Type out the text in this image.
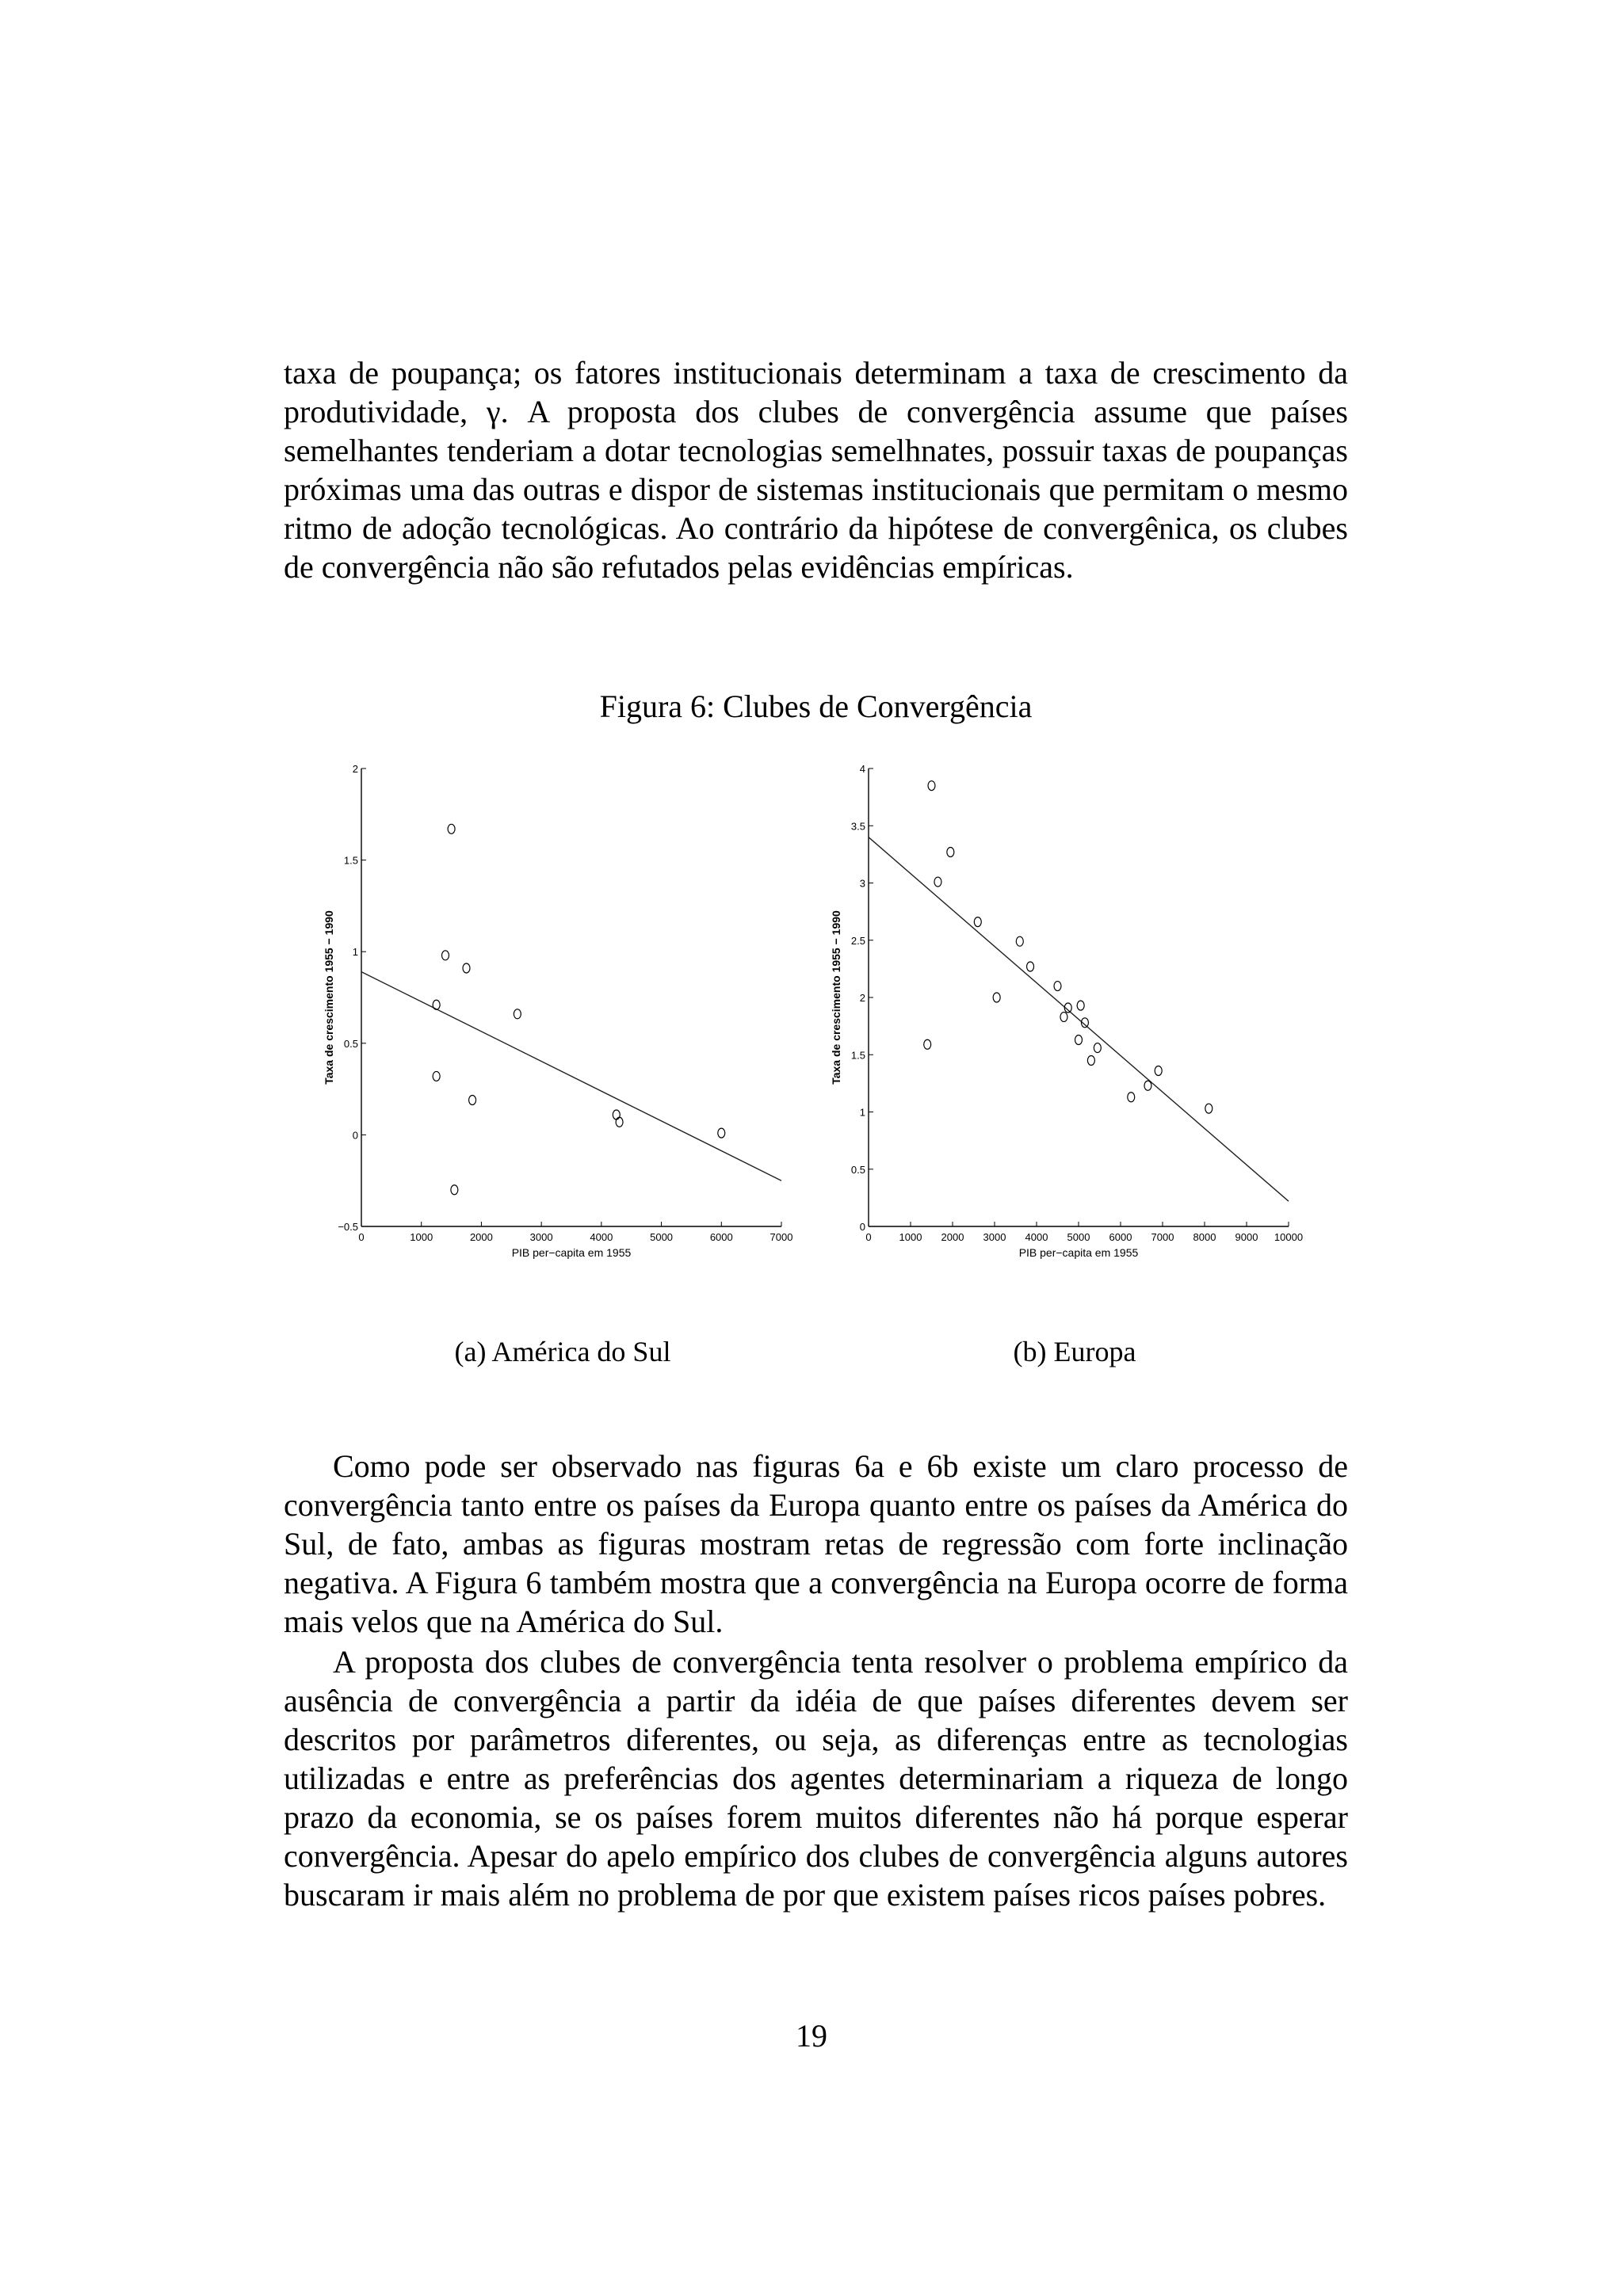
taxa de poupança; os fatores institucionais determinam a taxa de crescimento da produtividade, γ. A proposta dos clubes de convergência assume que países semelhantes tenderiam a dotar tecnologias semelhnates, possuir taxas de poupanças próximas uma das outras e dispor de sistemas institucionais que permitam o mesmo ritmo de adoção tecnológicas. Ao contrário da hipótese de convergênica, os clubes de convergência não são refutados pelas evidências empíricas.

Figura 6: Clubes de Convergência
0	1000	2000	3000	4000	5000	6000	7000
−0.5
0
0.5
1
1.5
2
PIB per−capita em 1955
Taxa de crescimento 1955 − 1990
0	1000 2000 3000 4000 5000 6000 7000 8000 9000 10000
0
0.5
1
1.5
2
2.5
3
3.5
4
PIB per−capita em 1955
Taxa de crescimento 1955 − 1990
(a) América do Sul	(b) Europa

Como pode ser observado nas figuras 6a e 6b existe um claro processo de convergência tanto entre os países da Europa quanto entre os países da América do Sul, de fato, ambas as figuras mostram retas de regressão com forte inclinação negativa. A Figura 6 também mostra que a convergência na Europa ocorre de forma mais velos que na América do Sul.

A proposta dos clubes de convergência tenta resolver o problema empírico da ausência de convergência a partir da idéia de que países diferentes devem ser descritos por parâmetros diferentes, ou seja, as diferenças entre as tecnologias utilizadas e entre as preferências dos agentes determinariam a riqueza de longo prazo da economia, se os países forem muitos diferentes não há porque esperar convergência. Apesar do apelo empírico dos clubes de convergência alguns autores buscaram ir mais além no problema de por que existem países ricos países pobres.

19
